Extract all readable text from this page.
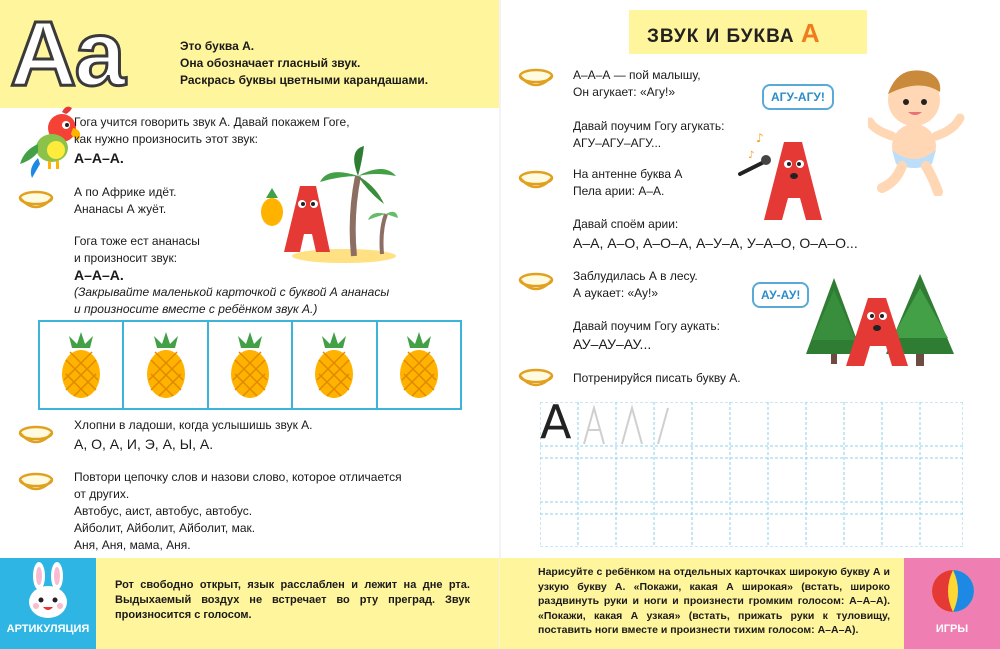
Aa	Это буква А.
Она обозначает гласный звук.
Раскрась буквы цветными карандашами.
Гога учится говорить звук А. Давай покажем Гоге,
как нужно произносить этот звук:
А–А–А.
А по Африке идёт.
Ананасы А жуёт.
Гога тоже ест ананасы
и произносит звук:
А–А–А.
(Закрывайте маленькой карточкой с буквой А ананасы
и произносите вместе с ребёнком звук А.)
Хлопни в ладоши, когда услышишь звук А.
А, О, А, И, Э, А, Ы, А.
Повтори цепочку слов и назови слово, которое отличается
от других.
Автобус, аист, автобус, автобус.
Айболит, Айболит, Айболит, мак.
Аня, Аня, мама, Аня.
АРТИКУЛЯЦИЯ
Рот свободно открыт, язык расслаблен и лежит на дне рта. Выдыхаемый воздух не встречает во рту преград. Звук произносится с голосом.
ЗВУК И БУКВА А
А–А–А — пой малышу,
Он агукает: «Агу!»
Давай поучим Гогу агукать:
АГУ–АГУ–АГУ...
АГУ-АГУ!
На антенне буква А
Пела арии: А–А.
Давай споём арии:
А–А, А–О, А–О–А, А–У–А, У–А–О, О–А–О...
♪
♪
Заблудилась А в лесу.
А аукает: «Ау!»
Давай поучим Гогу аукать:
АУ–АУ–АУ...
АУ-АУ!
Потренируйся писать букву А.
А
Нарисуйте с ребёнком на отдельных карточках широкую букву А и узкую букву А. «Покажи, какая А широкая» (встать, широко раздвинуть руки и ноги и произнести громким голосом: А–А–А). «Покажи, какая А узкая» (встать, прижать руки к туловищу, поставить ноги вместе и произнести тихим голосом: А–А–А).	ИГРЫ
